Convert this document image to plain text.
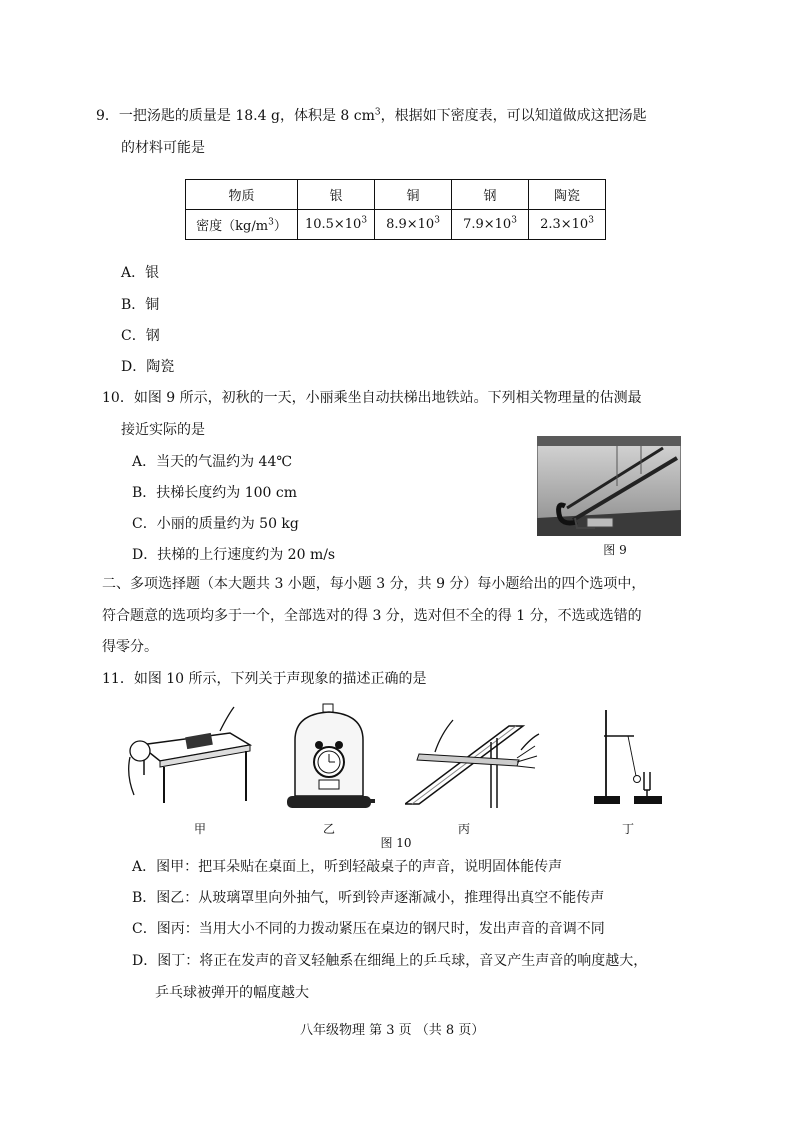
9．一把汤匙的质量是 18.4 g，体积是 8 $cm^3$，根据如下密度表，可以知道做成这把汤匙
的材料可能是
物质	银	铜	钢	陶瓷
密度$(kg/m^3)$	$10.5\times 10^3$	$8.9\times 10^3$	$7.9\times 10^3$	$2.3\times 10^3$
A．银
B．铜
C．钢
D．陶瓷
10．如图 9 所示，初秋的一天，小丽乘坐自动扶梯出地铁站。下列相关物理量的估测最
接近实际的是
A．当天的气温约为 44℃
B．扶梯长度约为 100 cm
C．小丽的质量约为 50 kg
D．扶梯的上行速度约为 20 m/s	图 9
二、多项选择题（本大题共 3 小题，每小题 3 分，共 9 分）每小题给出的四个选项中，
符合题意的选项均多于一个，全部选对的得 3 分，选对但不全的得 1 分，不选或选错的
得零分。
11．如图 10 所示，下列关于声现象的描述正确的是
甲	乙	丙	丁
图 10
A．图甲：把耳朵贴在桌面上，听到轻敲桌子的声音，说明固体能传声
B．图乙：从玻璃罩里向外抽气，听到铃声逐渐减小，推理得出真空不能传声
C．图丙：当用大小不同的力拨动紧压在桌边的钢尺时，发出声音的音调不同
D．图丁：将正在发声的音叉轻触系在细绳上的乒乓球，音叉产生声音的响度越大，
乒乓球被弹开的幅度越大
八年级物理 第 3 页 （共 8 页）
